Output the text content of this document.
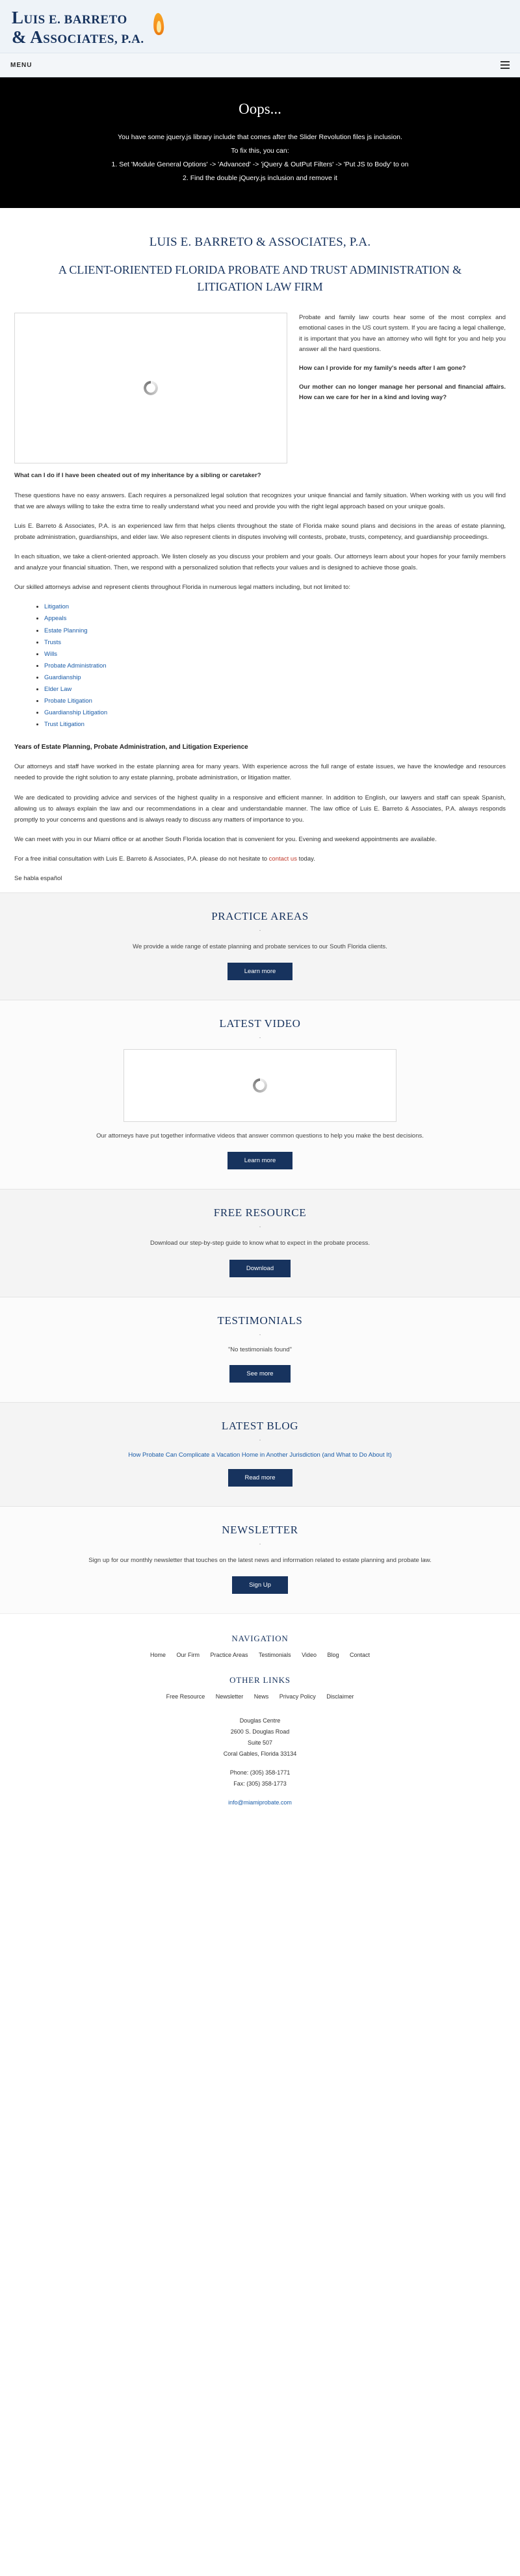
LUIS E. BARRETO
& ASSOCIATES, P.A.
MENU
Oops...

You have some jquery.js library include that comes after the Slider Revolution files js inclusion.

To fix this, you can:

1. Set 'Module General Options' -> 'Advanced' -> 'jQuery & OutPut Filters' -> 'Put JS to Body' to on

2. Find the double jQuery.js inclusion and remove it

LUIS E. BARRETO & ASSOCIATES, P.A.
A CLIENT-ORIENTED FLORIDA PROBATE AND TRUST ADMINISTRATION & LITIGATION LAW FIRM

Probate and family law courts hear some of the most complex and emotional cases in the US court system. If you are facing a legal challenge, it is important that you have an attorney who will fight for you and help you answer all the hard questions.

How can I provide for my family's needs after I am gone?

Our mother can no longer manage her personal and financial affairs. How can we care for her in a kind and loving way?

What can I do if I have been cheated out of my inheritance by a sibling or caretaker?

These questions have no easy answers. Each requires a personalized legal solution that recognizes your unique financial and family situation. When working with us you will find that we are always willing to take the extra time to really understand what you need and provide you with the right legal approach based on your unique goals.

Luis E. Barreto & Associates, P.A. is an experienced law firm that helps clients throughout the state of Florida make sound plans and decisions in the areas of estate planning, probate administration, guardianships, and elder law. We also represent clients in disputes involving will contests, probate, trusts, competency, and guardianship proceedings.

In each situation, we take a client-oriented approach. We listen closely as you discuss your problem and your goals. Our attorneys learn about your hopes for your family members and analyze your financial situation. Then, we respond with a personalized solution that reflects your values and is designed to achieve those goals.

Our skilled attorneys advise and represent clients throughout Florida in numerous legal matters including, but not limited to:

• Litigation
• Appeals
• Estate Planning
• Trusts
• Wills
• Probate Administration
• Guardianship
• Elder Law
• Probate Litigation
• Guardianship Litigation
• Trust Litigation
Years of Estate Planning, Probate Administration, and Litigation Experience

Our attorneys and staff have worked in the estate planning area for many years. With experience across the full range of estate issues, we have the knowledge and resources needed to provide the right solution to any estate planning, probate administration, or litigation matter.

We are dedicated to providing advice and services of the highest quality in a responsive and efficient manner. In addition to English, our lawyers and staff can speak Spanish, allowing us to always explain the law and our recommendations in a clear and understandable manner. The law office of Luis E. Barreto & Associates, P.A. always responds promptly to your concerns and questions and is always ready to discuss any matters of importance to you.

We can meet with you in our Miami office or at another South Florida location that is convenient for you. Evening and weekend appointments are available.

For a free initial consultation with Luis E. Barreto & Associates, P.A. please do not hesitate to contact us today.

Se habla español

PRACTICE AREAS
·

We provide a wide range of estate planning and probate services to our South Florida clients.

Learn more
LATEST VIDEO
·

Our attorneys have put together informative videos that answer common questions to help you make the best decisions.

Learn more
FREE RESOURCE
·

Download our step-by-step guide to know what to expect in the probate process.

Download
TESTIMONIALS
·

"No testimonials found"

See more
LATEST BLOG
·
How Probate Can Complicate a Vacation Home in Another Jurisdiction (and What to Do About It)
Read more
NEWSLETTER
·

Sign up for our monthly newsletter that touches on the latest news and information related to estate planning and probate law.

Sign Up
NAVIGATION
Home Our Firm Practice Areas Testimonials Video Blog Contact
OTHER LINKS
Free Resource Newsletter News Privacy Policy Disclaimer
Douglas Centre
2600 S. Douglas Road
Suite 507
Coral Gables, Florida 33134
Phone: (305) 358-1771
Fax: (305) 358-1773
info@miamiprobate.com
